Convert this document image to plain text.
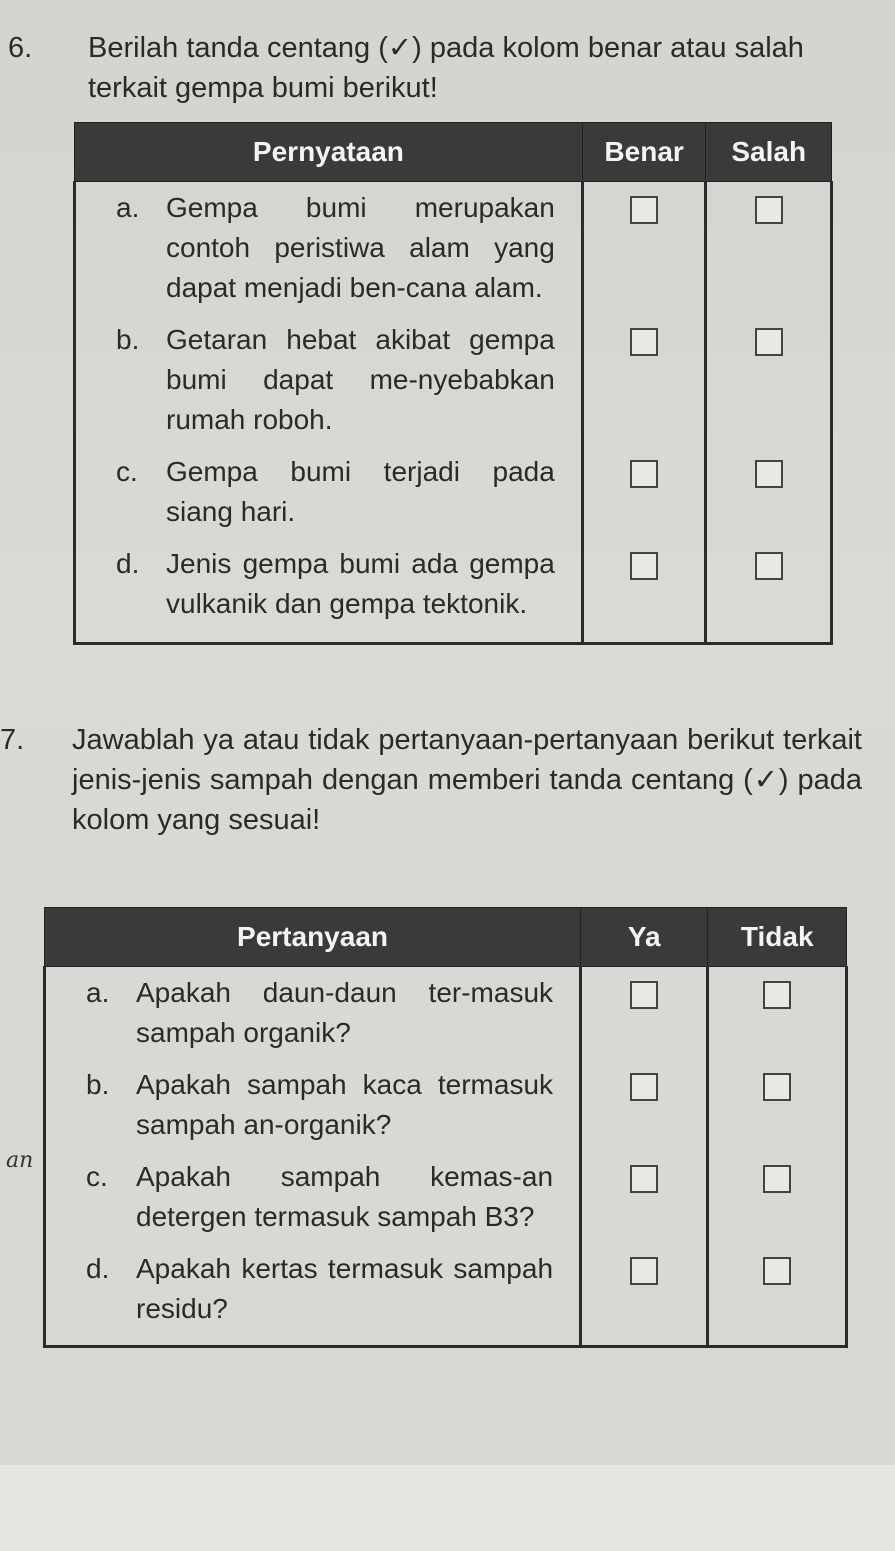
6. Berilah tanda centang (✓) pada kolom benar atau salah terkait gempa bumi berikut!
Pernyataan	Benar	Salah

a. Gempa bumi merupakan contoh peristiwa alam yang dapat menjadi ben-cana alam.		

b. Getaran hebat akibat gempa bumi dapat me-nyebabkan rumah roboh.		

c. Gempa bumi terjadi pada siang hari.		

d. Jenis gempa bumi ada gempa vulkanik dan gempa tektonik.		

7. Jawablah ya atau tidak pertanyaan-pertanyaan berikut terkait jenis-jenis sampah dengan memberi tanda centang (✓) pada kolom yang sesuai!
Pertanyaan	Ya	Tidak

a. Apakah daun-daun ter-masuk sampah organik?		

b. Apakah sampah kaca termasuk sampah an-organik?		

c. Apakah sampah kemas-an detergen termasuk sampah B3?		

d. Apakah kertas termasuk sampah residu?		

an
